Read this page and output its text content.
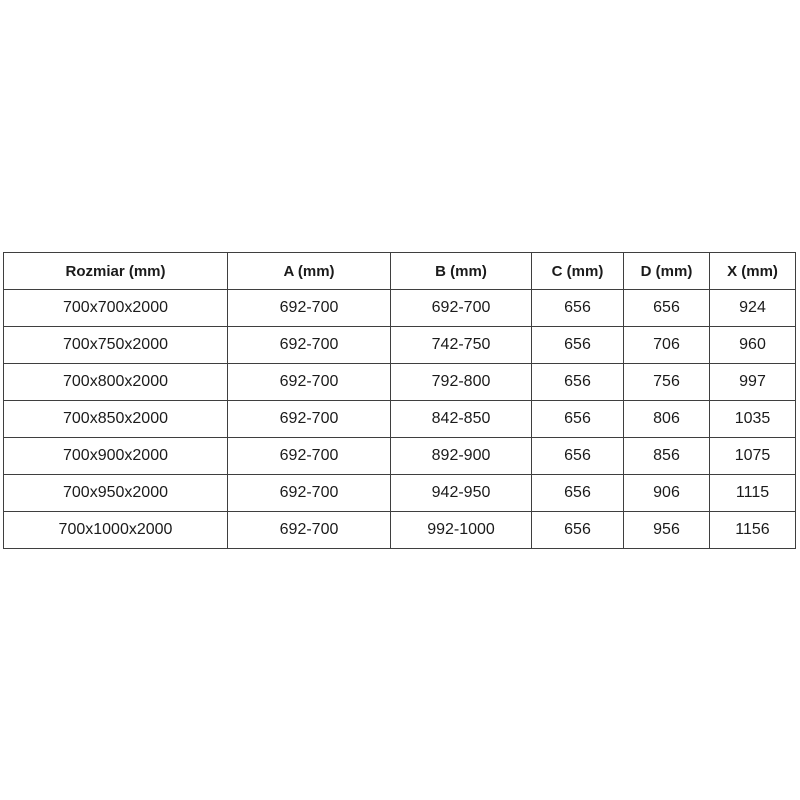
Rozmiar (mm)	A (mm)	B (mm)	C (mm)	D (mm)	X (mm)
700x700x2000	692-700	692-700	656	656	924
700x750x2000	692-700	742-750	656	706	960
700x800x2000	692-700	792-800	656	756	997
700x850x2000	692-700	842-850	656	806	1035
700x900x2000	692-700	892-900	656	856	1075
700x950x2000	692-700	942-950	656	906	1115
700x1000x2000	692-700	992-1000	656	956	1156
